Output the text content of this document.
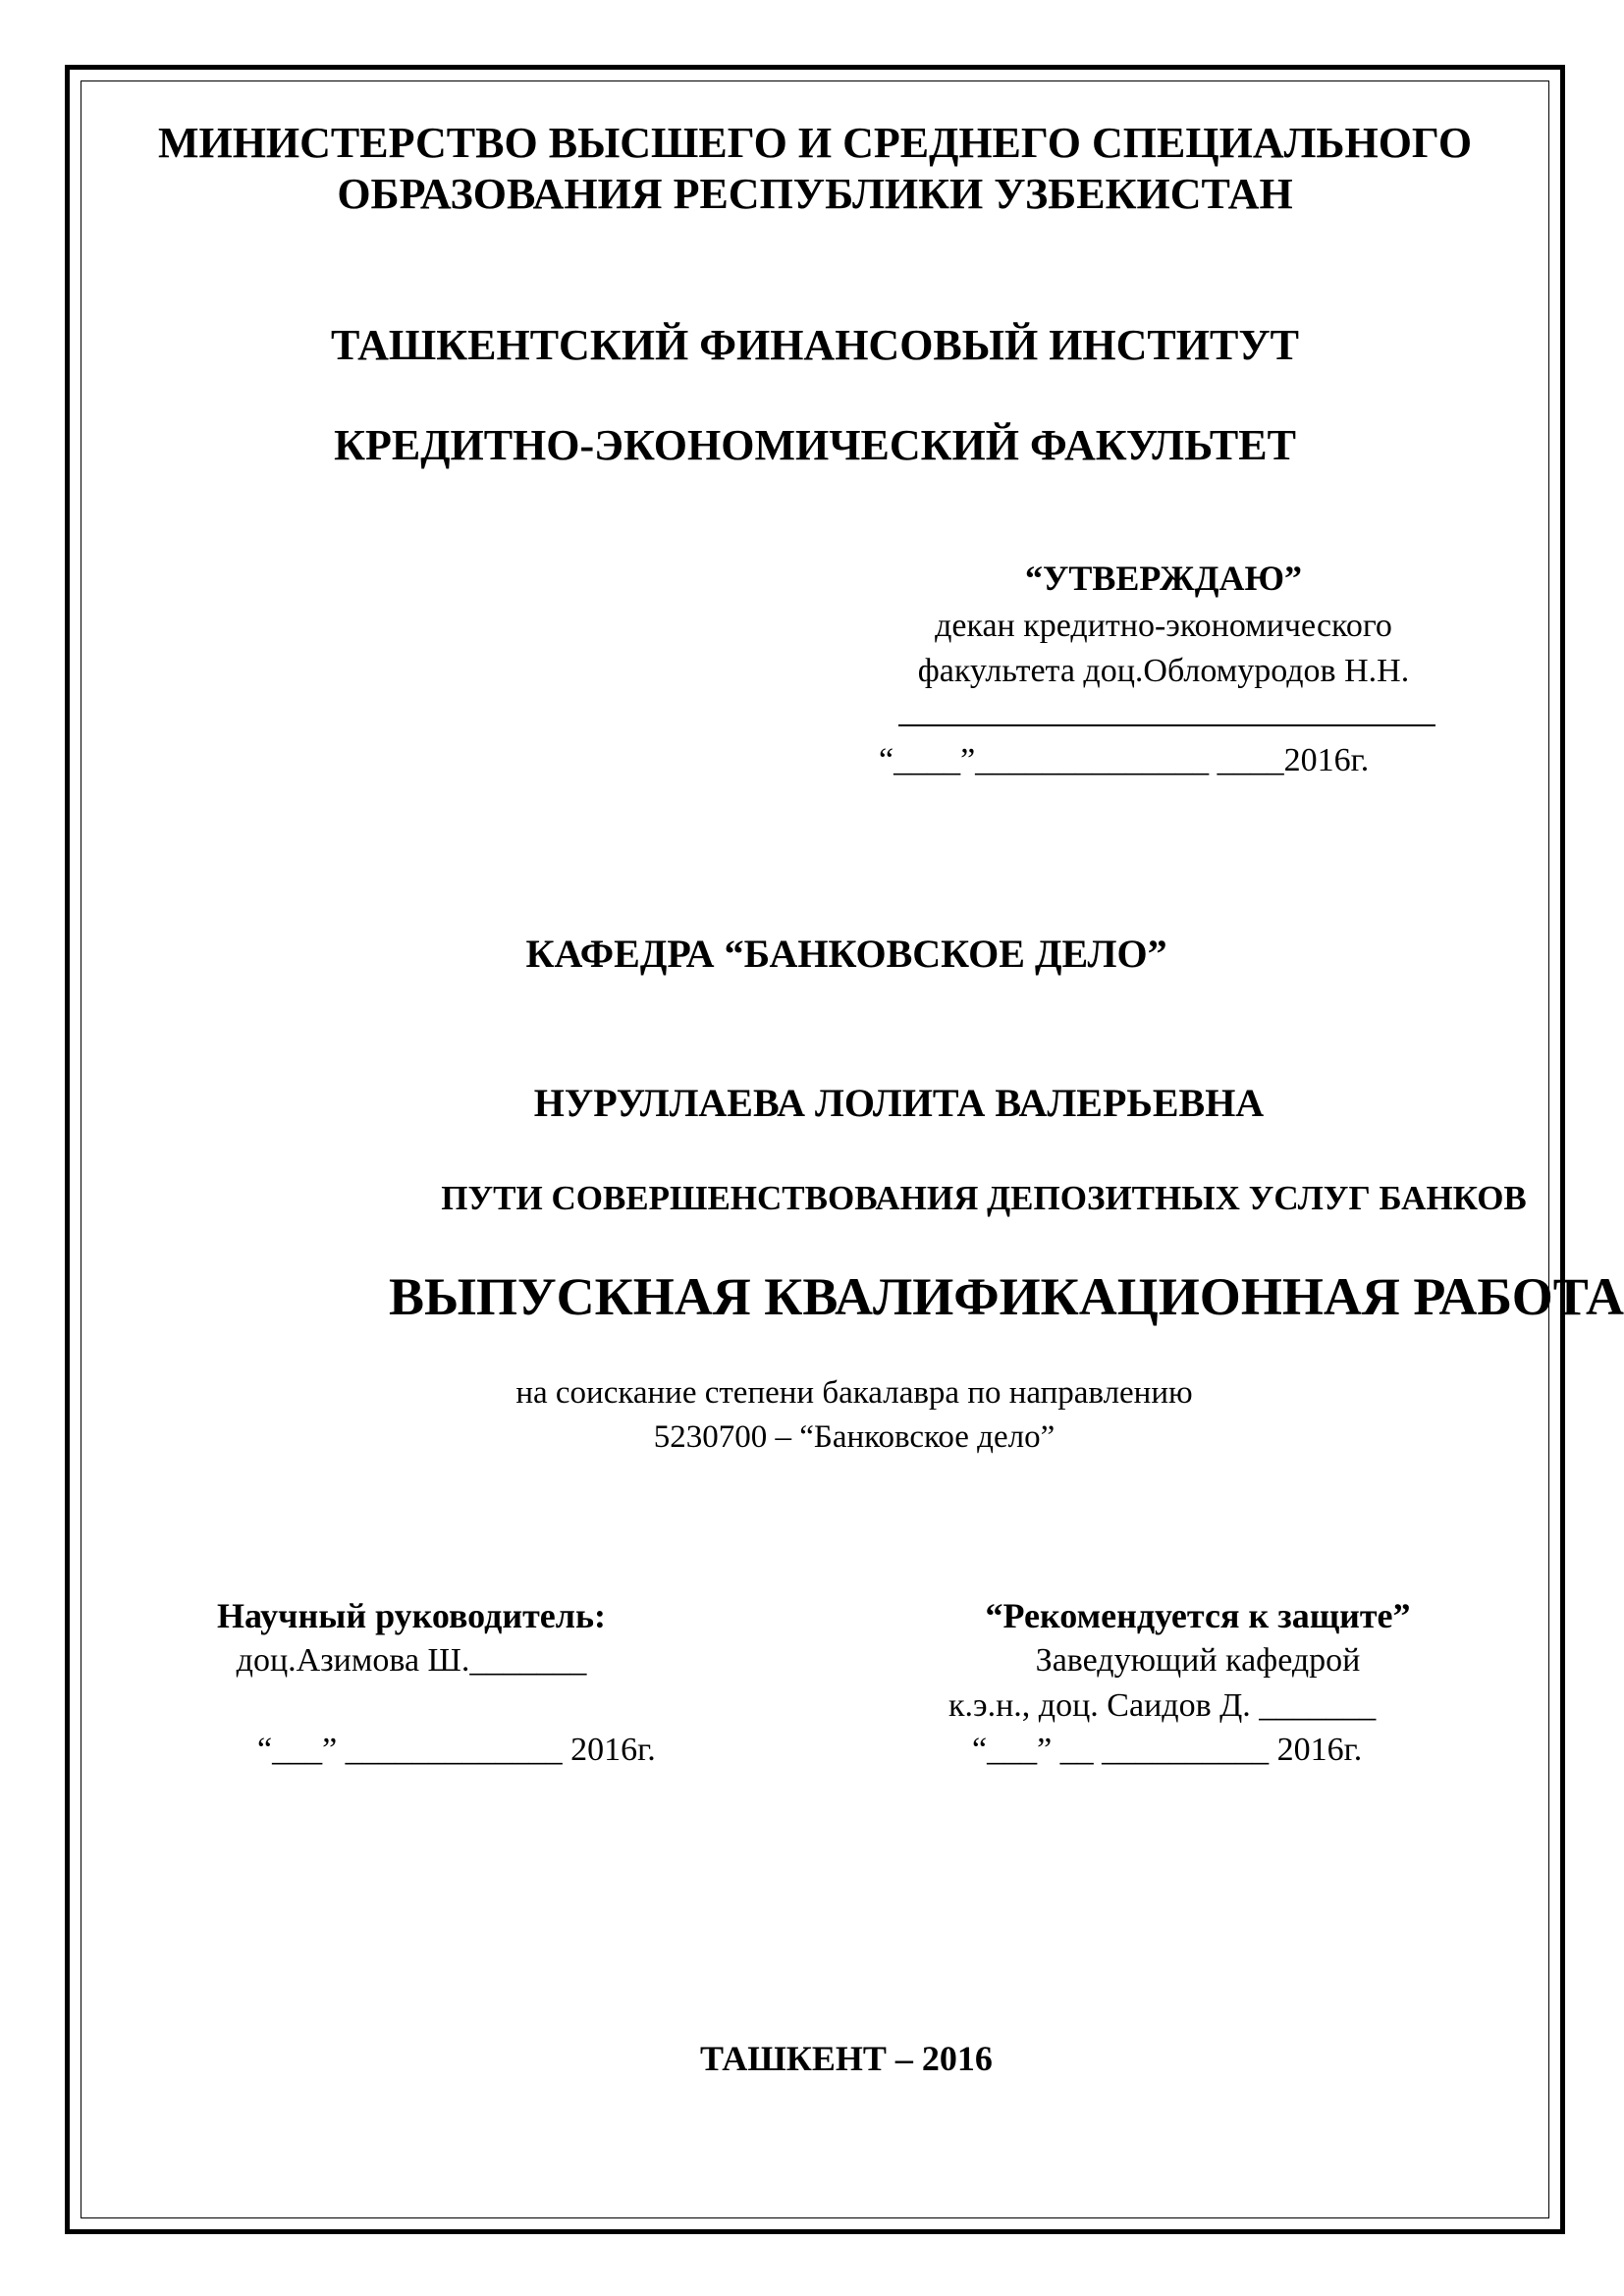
МИНИСТЕРСТВО ВЫСШЕГО И СРЕДНЕГО СПЕЦИАЛЬНОГО
ОБРАЗОВАНИЯ РЕСПУБЛИКИ УЗБЕКИСТАН
ТАШКЕНТСКИЙ ФИНАНСОВЫЙ ИНСТИТУТ
КРЕДИТНО-ЭКОНОМИЧЕСКИЙ ФАКУЛЬТЕТ
“УТВЕРЖДАЮ”
декан кредитно-экономического
факультета доц.Обломуродов Н.Н.
“____”______________ ____2016г.
КАФЕДРА “БАНКОВСКОЕ ДЕЛО”
НУРУЛЛАЕВА ЛОЛИТА ВАЛЕРЬЕВНА
ПУТИ СОВЕРШЕНСТВОВАНИЯ ДЕПОЗИТНЫХ УСЛУГ БАНКОВ
ВЫПУСКНАЯ КВАЛИФИКАЦИОННАЯ РАБОТА
на соискание степени бакалавра по направлению
5230700 – “Банковское дело”
Научный руководитель:
доц.Азимова Ш._______
“___” _____________ 2016г.
“Рекомендуется к защите”
Заведующий кафедрой
к.э.н., доц. Саидов Д. _______
“___” __ __________ 2016г.
ТАШКЕНТ – 2016
